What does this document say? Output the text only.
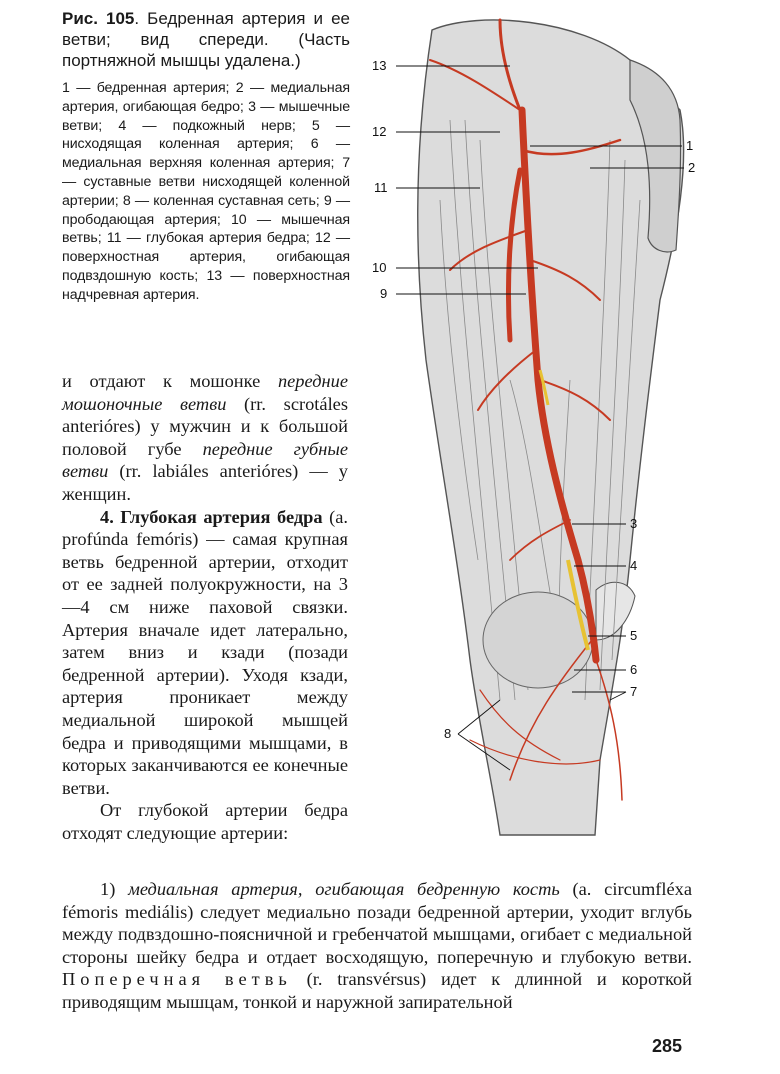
Рис. 105. Бедренная артерия и ее ветви; вид спереди. (Часть портняжной мышцы удалена.)

1 — бедренная артерия; 2 — медиальная артерия, огибающая бедро; 3 — мышечные ветви; 4 — подкожный нерв; 5 — нисходящая коленная артерия; 6 — медиальная верхняя коленная артерия; 7 — суставные ветви нисходящей коленной артерии; 8 — коленная суставная сеть; 9 — прободающая артерия; 10 — мышечная ветвь; 11 — глубокая артерия бедра; 12 — поверхностная артерия, огибающая подвздошную кость; 13 — поверхностная надчревная артерия.

13
12
11
10
9
1
2
3
4
5
6
7
8

и отдают к мошонке передние мошоночные ветви (rr. scrotáles anterióres) у мужчин и к большой половой губе передние губные ветви (rr. labiáles anterióres) — у женщин.

4. Глубокая артерия бедра (a. profúnda femóris) — самая крупная ветвь бедренной артерии, отходит от ее задней полуокружности, на 3—4 см ниже паховой связки. Артерия вначале идет латерально, затем вниз и кзади (позади бедренной артерии). Уходя кзади, артерия проникает между медиальной широкой мышцей бедра и приводящими мышцами, в которых заканчиваются ее конечные ветви.

От глубокой артерии бедра отходят следующие артерии:

1) медиальная артерия, огибающая бедренную кость (a. circumfléxa fémoris mediális) следует медиально позади бедренной артерии, уходит вглубь между подвздошно-поясничной и гребенчатой мышцами, огибает с медиальной стороны шейку бедра и отдает восходящую, поперечную и глубокую ветви. Поперечная ветвь (r. transvérsus) идет к длинной и короткой приводящим мышцам, тонкой и наружной запирательной

285
